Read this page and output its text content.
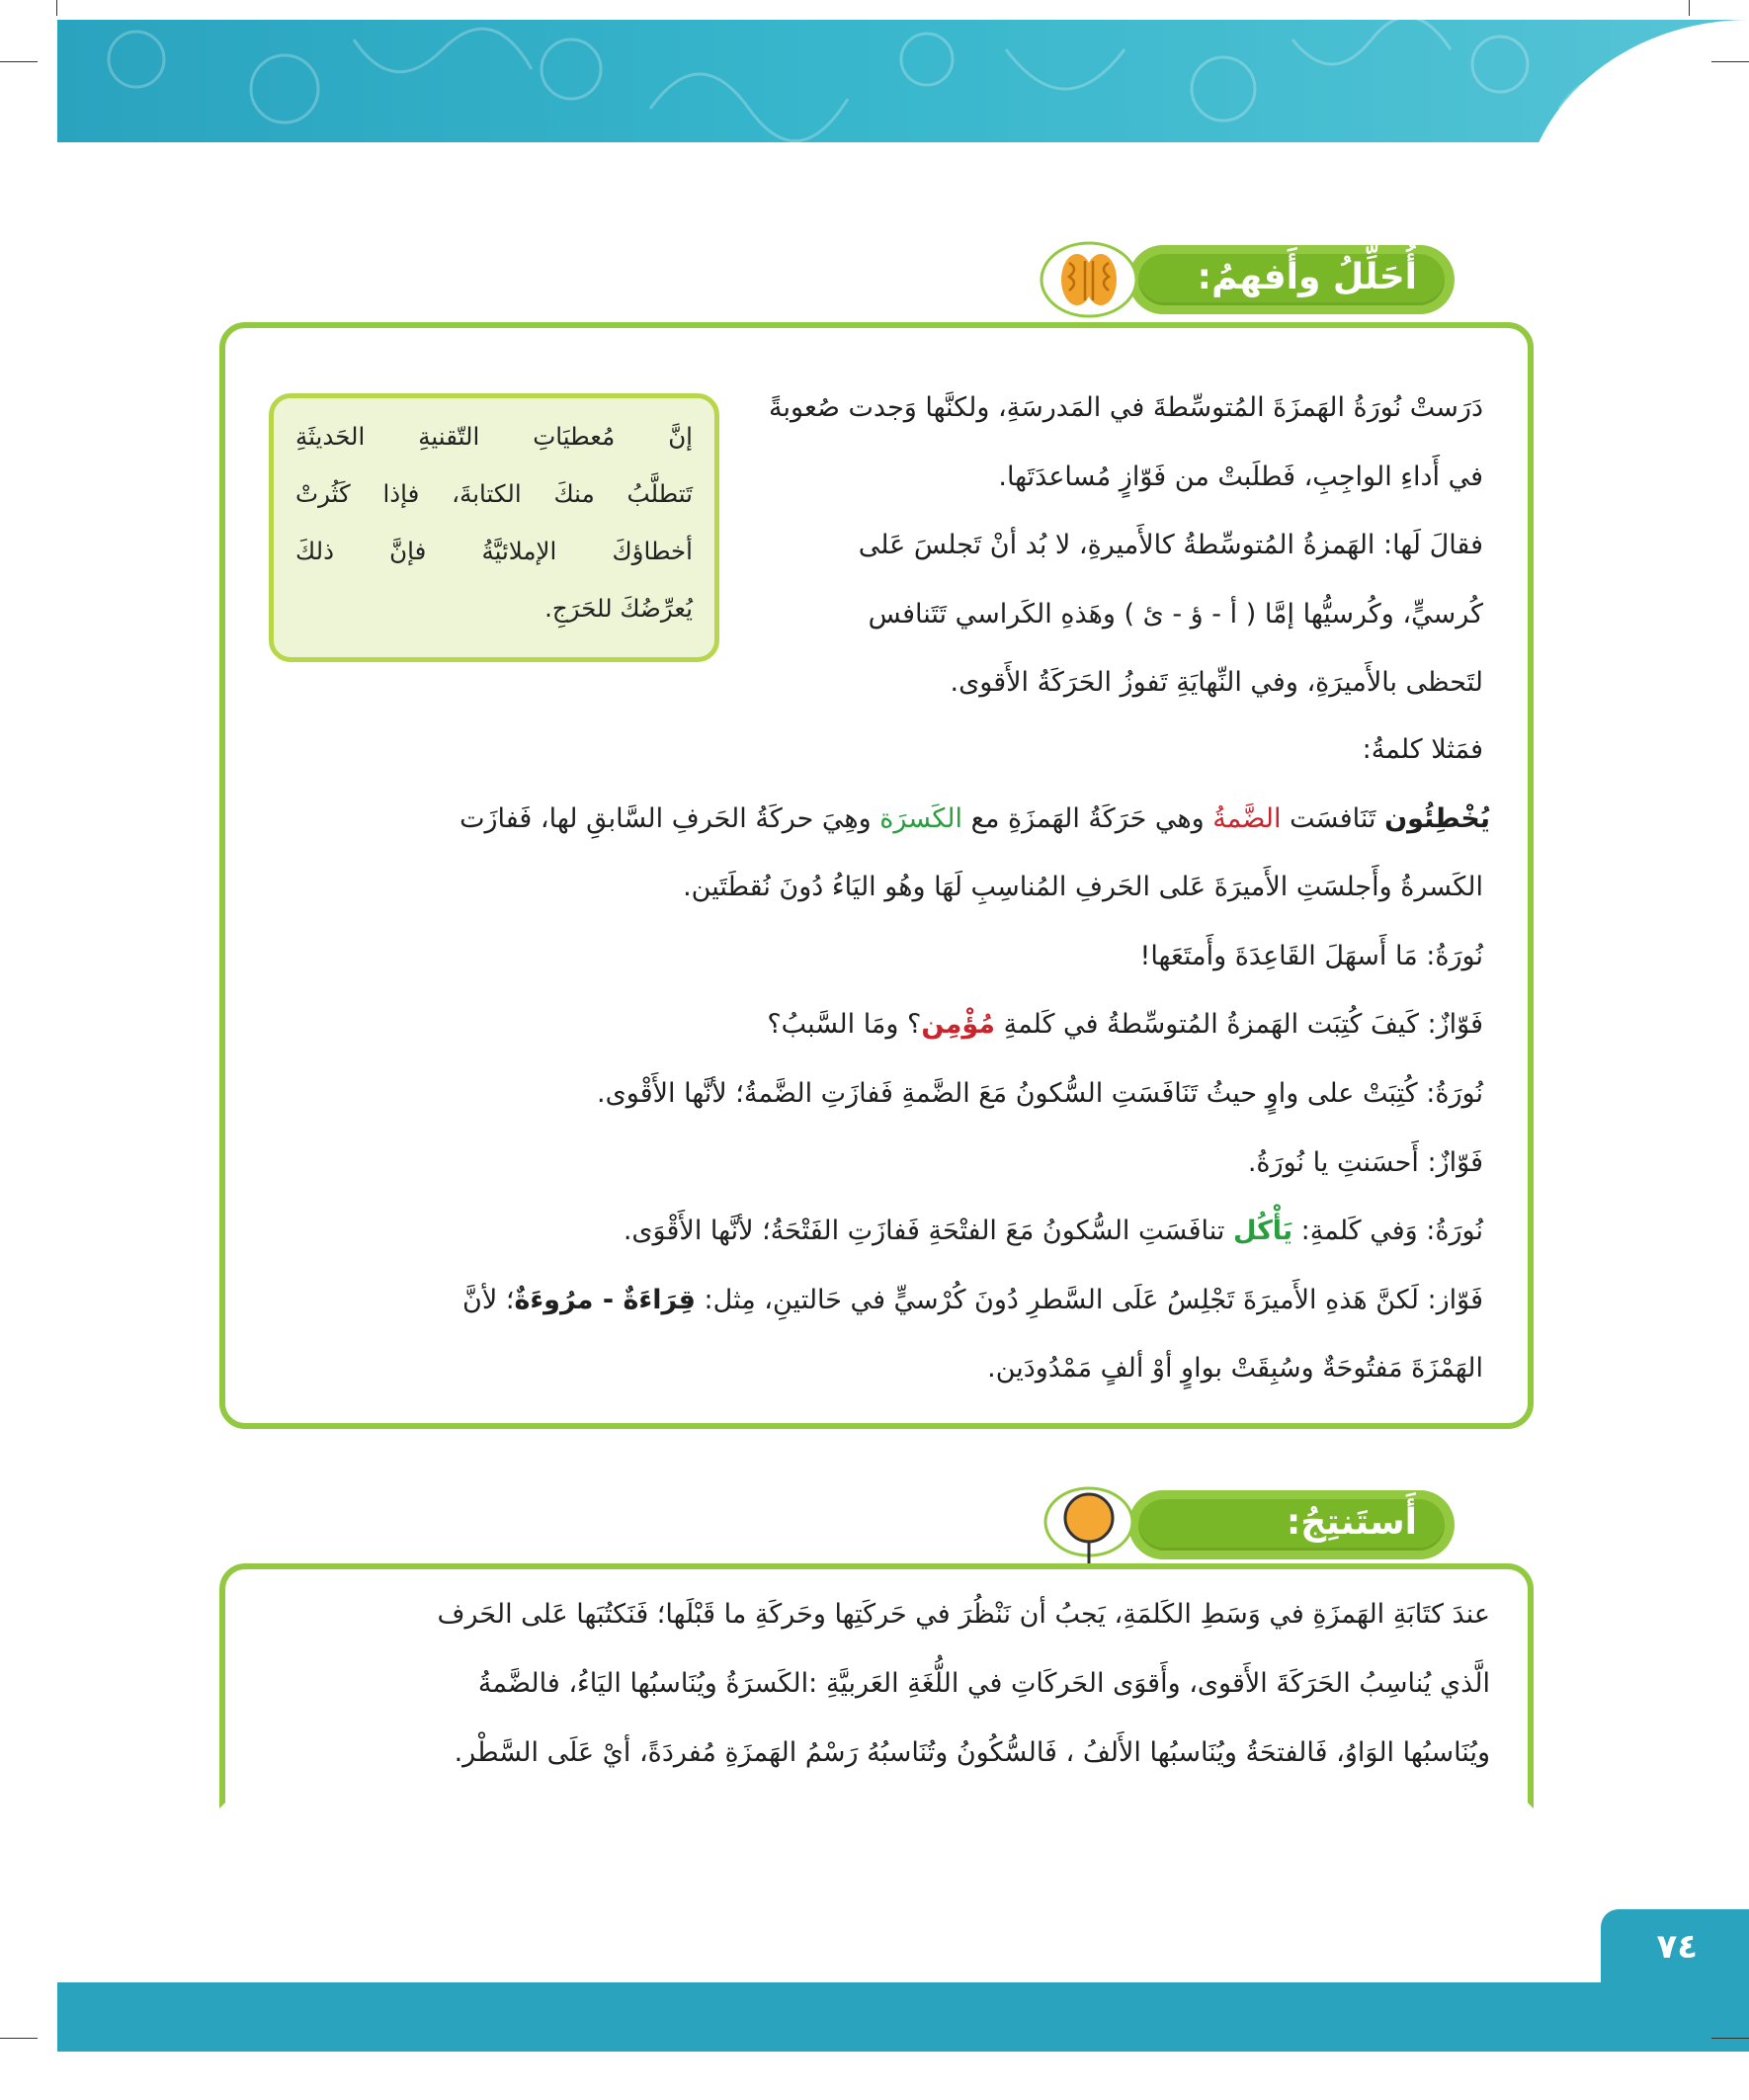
أُحَلِّلُ وأَفهمُ:
إنَّ مُعطيَاتِ التّقنيةِ الحَديثَةِ
تَتطلَّبُ منكَ الكتابةَ، فإذا كَثُرتْ
أخطاؤكَ الإملائيَّةُ فإنَّ ذلكَ
يُعرِّضُكَ للحَرَجِ.
دَرَستْ نُورَةُ الهَمزَةَ المُتوسِّطةَ في المَدرسَةِ، ولكنَّها وَجدت صُعوبةً
في أَداءِ الواجِبِ، فَطلَبتْ من فَوّازٍ مُساعدَتَها.
فقالَ لَها: الهَمزةُ المُتوسِّطةُ كالأَميرةِ، لا بُد أنْ تَجلسَ عَلى
كُرسيٍّ، وكُرسيُّها إمَّا ( أ - ؤ - ئ ) وهَذهِ الكَراسي تَتَنافس
لتَحظى بالأَميرَةِ، وفي النِّهايَةِ تَفوزُ الحَرَكَةُ الأَقوى.
فمَثلا كلمةُ:
يُخْطِئُون تَنَافسَت الضَّمةُ وهي حَرَكَةُ الهَمزَةِ مع الكَسرَة وهِيَ حركَةُ الحَرفِ السَّابقِ لها، فَفازَت
الكَسرةُ وأَجلسَتِ الأَميرَةَ عَلى الحَرفِ المُناسِبِ لَهَا وهُو اليَاءُ دُونَ نُقطَتَين.
نُورَةُ: مَا أَسهَلَ القَاعِدَةَ وأَمتَعَها!
فَوّازٌ: كَيفَ كُتِبَت الهَمزةُ المُتوسِّطةُ في كَلمةِ مُؤْمِن؟ ومَا السَّببُ؟
نُورَةُ: كُتِبَتْ على واوٍ حيثُ تَنَافَسَتِ السُّكونُ مَعَ الضَّمةِ فَفازَتِ الضَّمةُ؛ لأنَّها الأَقْوى.
فَوّازٌ: أَحسَنتِ يا نُورَةُ.
نُورَةُ: وَفي كَلمةِ: يَأْكُل تنافَسَتِ السُّكونُ مَعَ الفتْحَةِ فَفازَتِ الفَتْحَةُ؛ لأنَّها الأَقْوَى.
فَوّاز: لَكنَّ هَذهِ الأَميرَةَ تَجْلِسُ عَلَى السَّطرِ دُونَ كُرْسيٍّ في حَالتينِ، مِثل: قِرَاءَةٌ - مرُوءَةٌ؛ لأنَّ
الهَمْزَةَ مَفتُوحَةٌ وسُبِقَتْ بواوٍ أوْ ألفٍ مَمْدُودَين.
أَستَنتِجُ:
عندَ كتَابَةِ الهَمزَةِ في وَسَطِ الكَلمَةِ، يَجبُ أن نَنْظُرَ في حَركَتِها وحَركَةِ ما قَبْلَها؛ فَنَكتُبَها عَلى الحَرف
الَّذي يُناسِبُ الحَرَكَةَ الأَقوى، وأَقوَى الحَركَاتِ في اللُّغَةِ العَربيَّةِ :الكَسرَةُ ويُنَاسبُها اليَاءُ، فالضَّمةُ
ويُنَاسبُها الوَاوُ، فَالفتحَةُ ويُنَاسبُها الأَلفُ ، فَالسُّكُونُ وتُنَاسبُهُ رَسْمُ الهَمزَةِ مُفردَةً، أيْ عَلَى السَّطْر.
٧٤
